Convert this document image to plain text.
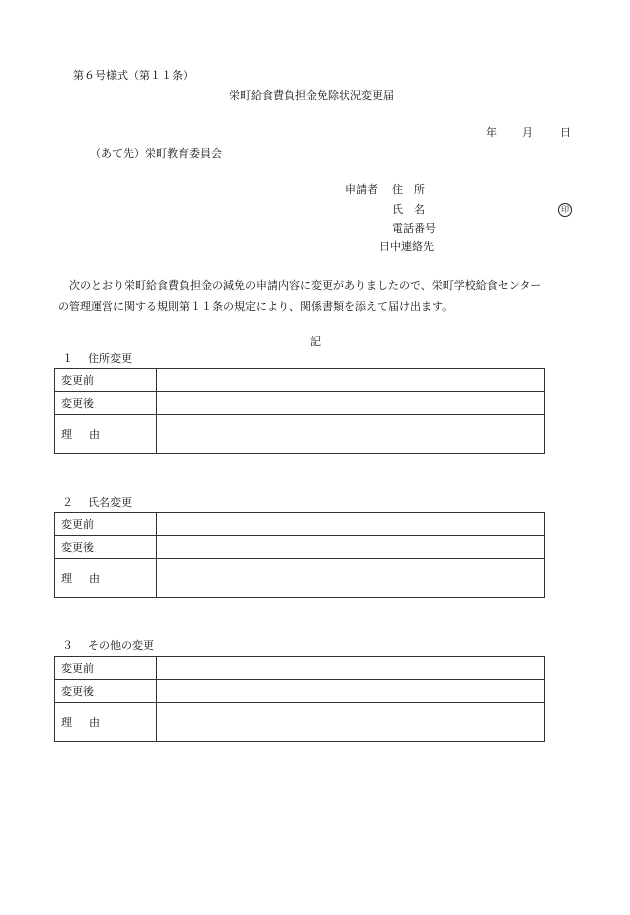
第６号様式（第１１条）
栄町給食費負担金免除状況変更届
年 月 日
（あて先）栄町教育委員会
申請者 住　所
氏　名	印
電話番号
日中連絡先
次のとおり栄町給食費負担金の減免の申請内容に変更がありましたので、栄町学校給食センターの管理運営に関する規則第１１条の規定により、関係書類を添えて届け出ます。
記
１ 住所変更
変更前	
変更後	
理 由	
２ 氏名変更
変更前	
変更後	
理 由	
３ その他の変更
変更前	
変更後	
理 由	
